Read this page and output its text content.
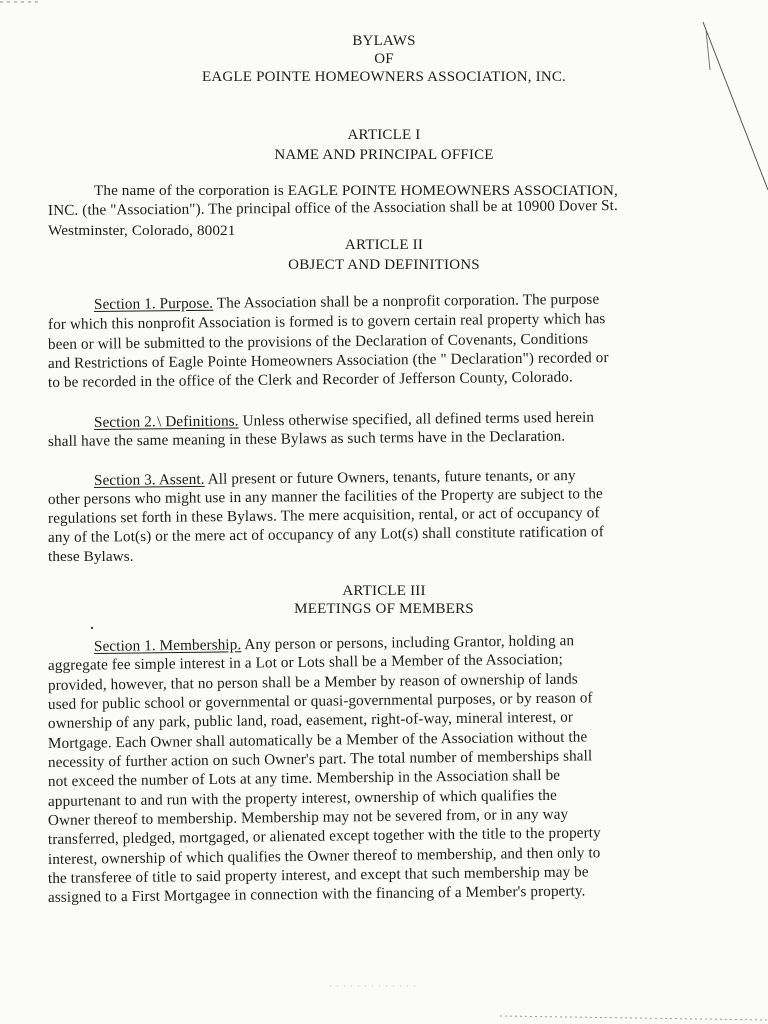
BYLAWS
OF
EAGLE POINTE HOMEOWNERS ASSOCIATION, INC.
ARTICLE I
NAME AND PRINCIPAL OFFICE
The name of the corporation is EAGLE POINTE HOMEOWNERS ASSOCIATION,
INC. (the "Association"). The principal office of the Association shall be at 10900 Dover St.
Westminster, Colorado, 80021
ARTICLE II
OBJECT AND DEFINITIONS
Section 1. Purpose. The Association shall be a nonprofit corporation. The purpose
for which this nonprofit Association is formed is to govern certain real property which has
been or will be submitted to the provisions of the Declaration of Covenants, Conditions
and Restrictions of Eagle Pointe Homeowners Association (the " Declaration") recorded or
to be recorded in the office of the Clerk and Recorder of Jefferson County, Colorado.
Section 2. \ Definitions. Unless otherwise specified, all defined terms used herein
shall have the same meaning in these Bylaws as such terms have in the Declaration.
Section 3. Assent. All present or future Owners, tenants, future tenants, or any
other persons who might use in any manner the facilities of the Property are subject to the
regulations set forth in these Bylaws. The mere acquisition, rental, or act of occupancy of
any of the Lot(s) or the mere act of occupancy of any Lot(s) shall constitute ratification of
these Bylaws.
ARTICLE III
MEETINGS OF MEMBERS
Section 1. Membership. Any person or persons, including Grantor, holding an
aggregate fee simple interest in a Lot or Lots shall be a Member of the Association;
provided, however, that no person shall be a Member by reason of ownership of lands
used for public school or governmental or quasi-governmental purposes, or by reason of
ownership of any park, public land, road, easement, right-of-way, mineral interest, or
Mortgage. Each Owner shall automatically be a Member of the Association without the
necessity of further action on such Owner's part. The total number of memberships shall
not exceed the number of Lots at any time. Membership in the Association shall be
appurtenant to and run with the property interest, ownership of which qualifies the
Owner thereof to membership. Membership may not be severed from, or in any way
transferred, pledged, mortgaged, or alienated except together with the title to the property
interest, ownership of which qualifies the Owner thereof to membership, and then only to
the transferee of title to said property interest, and except that such membership may be
assigned to a First Mortgagee in connection with the financing of a Member's property.
